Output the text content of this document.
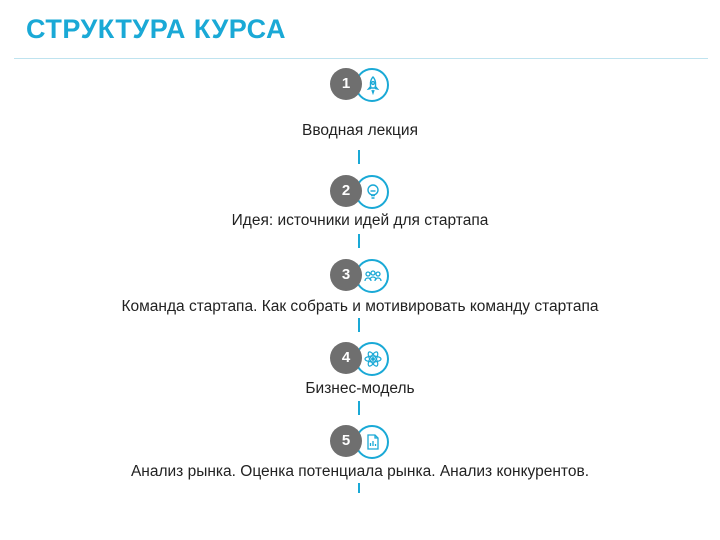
СТРУКТУРА КУРСА
1
Вводная лекция
2
Идея: источники идей для стартапа
3
Команда стартапа. Как собрать и мотивировать команду стартапа
4
Бизнес-модель
5
Анализ рынка. Оценка потенциала рынка. Анализ конкурентов.
